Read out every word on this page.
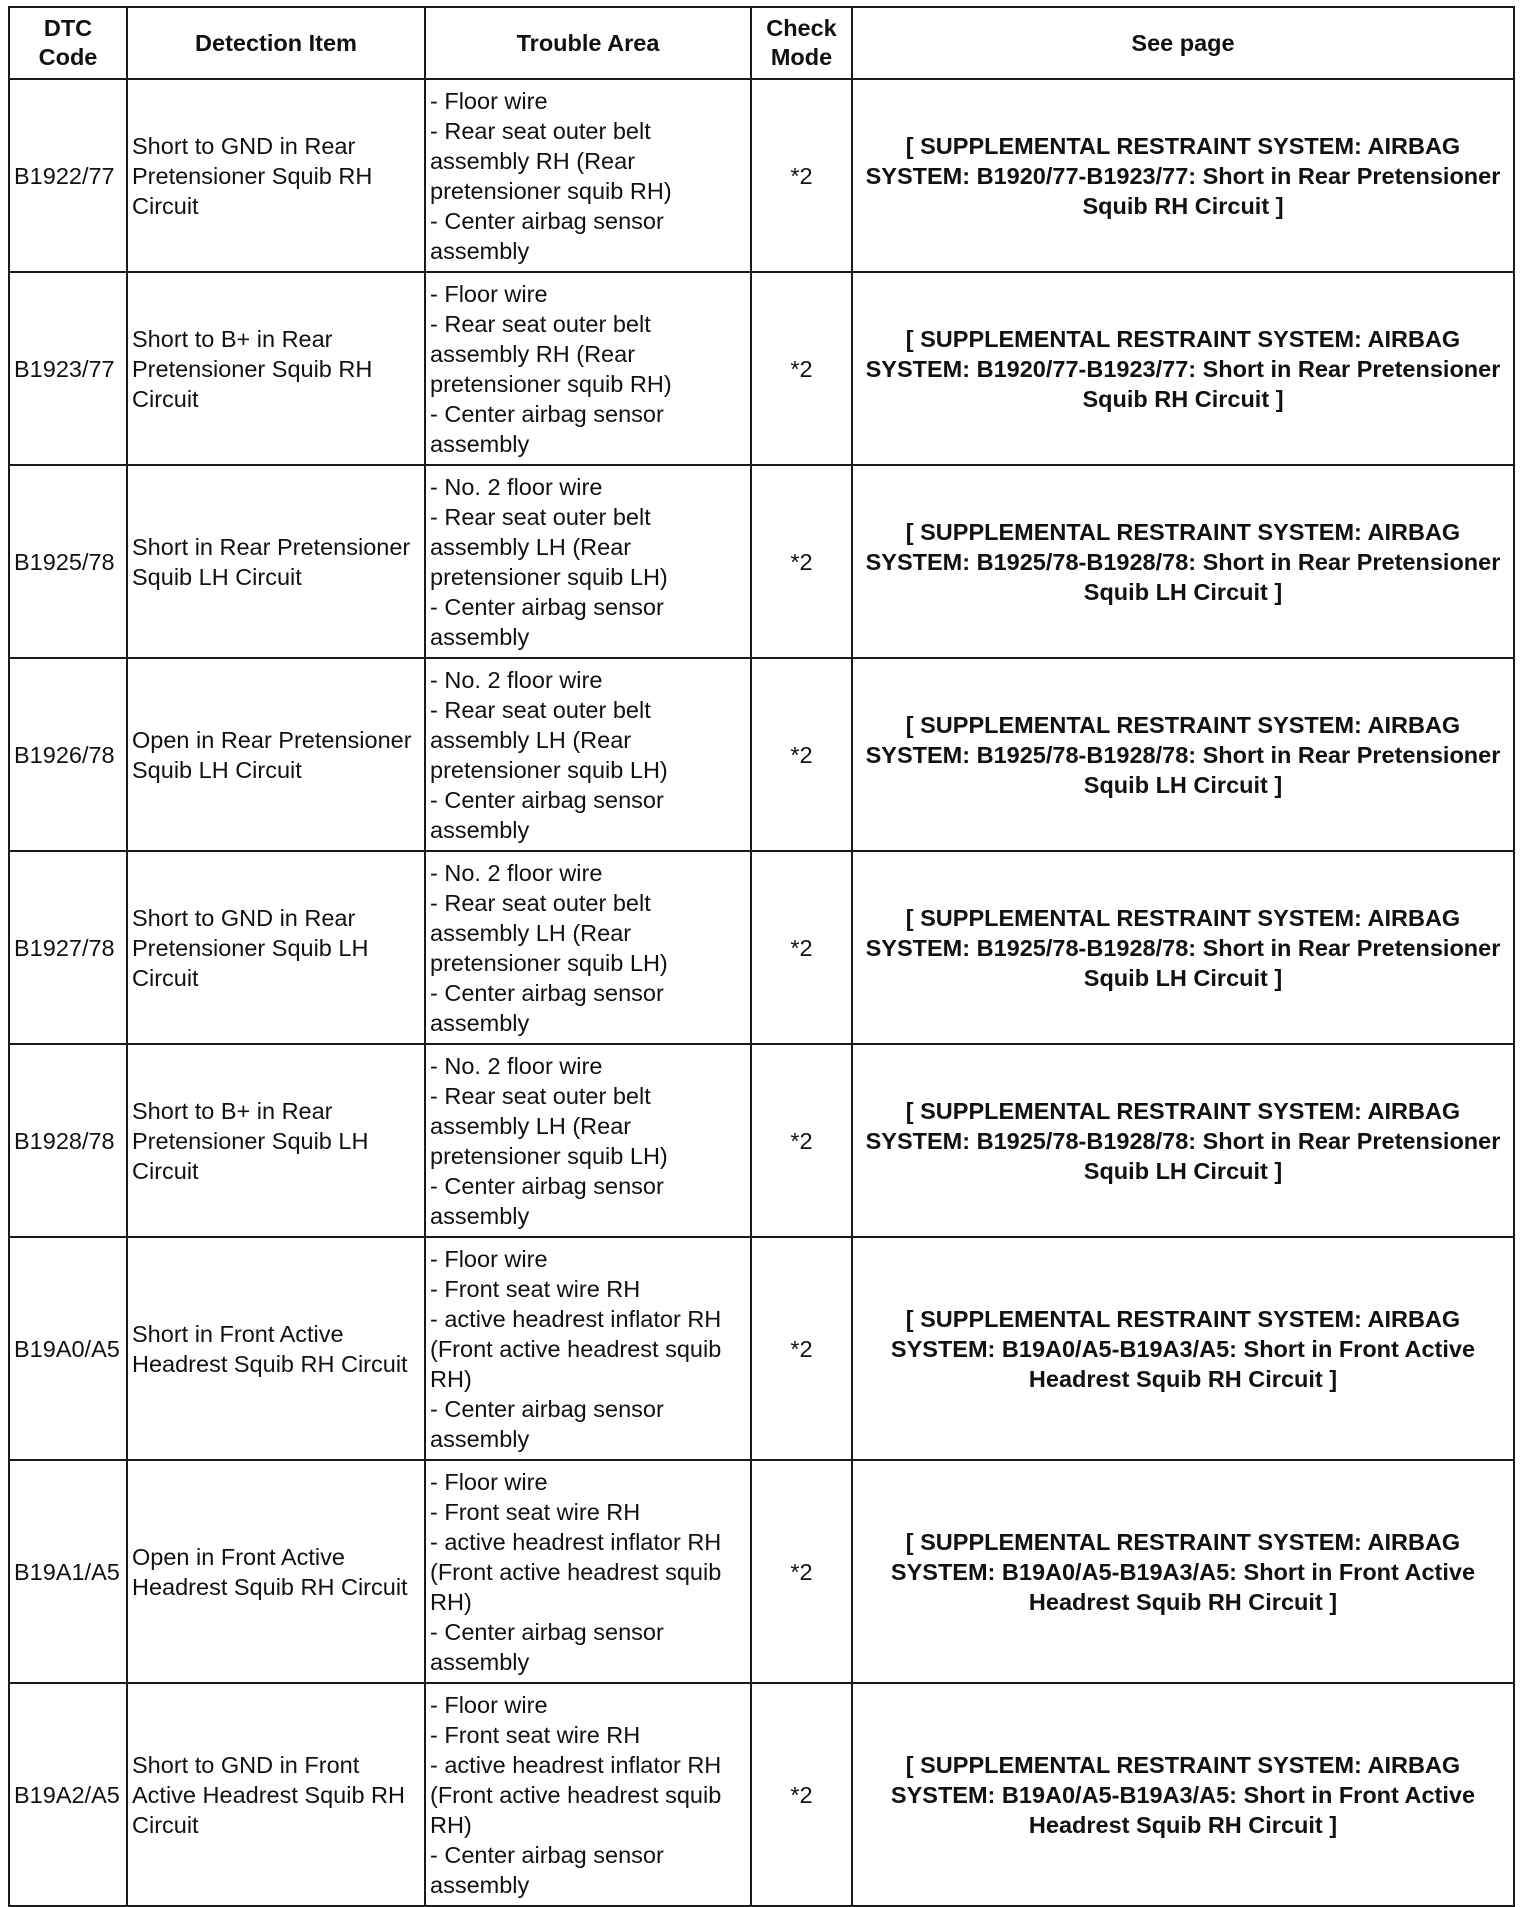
DTC Code	Detection Item	Trouble Area	Check Mode	See page
B1922/77	Short to GND in Rear Pretensioner Squib RH Circuit	- Floor wire
- Rear seat outer belt assembly RH (Rear pretensioner squib RH)
- Center airbag sensor assembly	*2	[ SUPPLEMENTAL RESTRAINT SYSTEM: AIRBAG SYSTEM: B1920/77-B1923/77: Short in Rear Pretensioner Squib RH Circuit ]
B1923/77	Short to B+ in Rear Pretensioner Squib RH Circuit	- Floor wire
- Rear seat outer belt assembly RH (Rear pretensioner squib RH)
- Center airbag sensor assembly	*2	[ SUPPLEMENTAL RESTRAINT SYSTEM: AIRBAG SYSTEM: B1920/77-B1923/77: Short in Rear Pretensioner Squib RH Circuit ]
B1925/78	Short in Rear Pretensioner Squib LH Circuit	- No. 2 floor wire
- Rear seat outer belt assembly LH (Rear pretensioner squib LH)
- Center airbag sensor assembly	*2	[ SUPPLEMENTAL RESTRAINT SYSTEM: AIRBAG SYSTEM: B1925/78-B1928/78: Short in Rear Pretensioner Squib LH Circuit ]
B1926/78	Open in Rear Pretensioner Squib LH Circuit	- No. 2 floor wire
- Rear seat outer belt assembly LH (Rear pretensioner squib LH)
- Center airbag sensor assembly	*2	[ SUPPLEMENTAL RESTRAINT SYSTEM: AIRBAG SYSTEM: B1925/78-B1928/78: Short in Rear Pretensioner Squib LH Circuit ]
B1927/78	Short to GND in Rear Pretensioner Squib LH Circuit	- No. 2 floor wire
- Rear seat outer belt assembly LH (Rear pretensioner squib LH)
- Center airbag sensor assembly	*2	[ SUPPLEMENTAL RESTRAINT SYSTEM: AIRBAG SYSTEM: B1925/78-B1928/78: Short in Rear Pretensioner Squib LH Circuit ]
B1928/78	Short to B+ in Rear Pretensioner Squib LH Circuit	- No. 2 floor wire
- Rear seat outer belt assembly LH (Rear pretensioner squib LH)
- Center airbag sensor assembly	*2	[ SUPPLEMENTAL RESTRAINT SYSTEM: AIRBAG SYSTEM: B1925/78-B1928/78: Short in Rear Pretensioner Squib LH Circuit ]
B19A0/A5	Short in Front Active Headrest Squib RH Circuit	- Floor wire
- Front seat wire RH
- active headrest inflator RH (Front active headrest squib RH)
- Center airbag sensor assembly	*2	[ SUPPLEMENTAL RESTRAINT SYSTEM: AIRBAG SYSTEM: B19A0/A5-B19A3/A5: Short in Front Active Headrest Squib RH Circuit ]
B19A1/A5	Open in Front Active Headrest Squib RH Circuit	- Floor wire
- Front seat wire RH
- active headrest inflator RH (Front active headrest squib RH)
- Center airbag sensor assembly	*2	[ SUPPLEMENTAL RESTRAINT SYSTEM: AIRBAG SYSTEM: B19A0/A5-B19A3/A5: Short in Front Active Headrest Squib RH Circuit ]
B19A2/A5	Short to GND in Front Active Headrest Squib RH Circuit	- Floor wire
- Front seat wire RH
- active headrest inflator RH (Front active headrest squib RH)
- Center airbag sensor assembly	*2	[ SUPPLEMENTAL RESTRAINT SYSTEM: AIRBAG SYSTEM: B19A0/A5-B19A3/A5: Short in Front Active Headrest Squib RH Circuit ]
